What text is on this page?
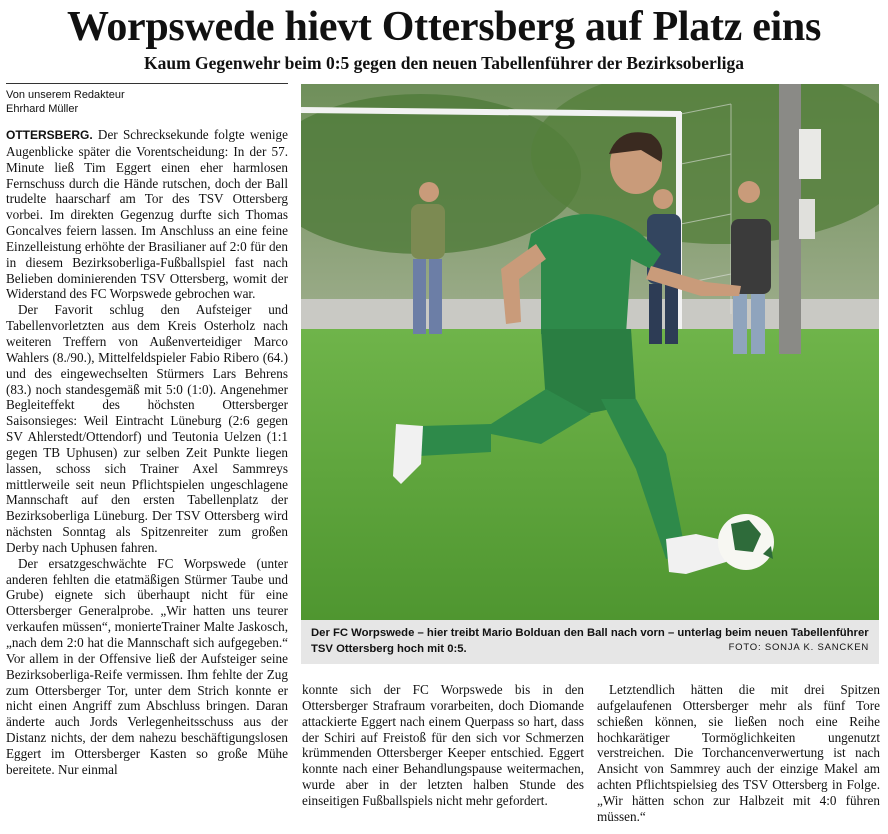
Worpswede hievt Ottersberg auf Platz eins
Kaum Gegenwehr beim 0:5 gegen den neuen Tabellenführer der Bezirksoberliga
Von unserem Redakteur
Ehrhard Müller

OTTERSBERG. Der Schrecksekunde folgte wenige Augenblicke später die Vorentscheidung: In der 57. Minute ließ Tim Eggert einen eher harmlosen Fernschuss durch die Hände rutschen, doch der Ball trudelte haarscharf am Tor des TSV Ottersberg vorbei. Im direkten Gegenzug durfte sich Thomas Goncalves feiern lassen. Im Anschluss an eine feine Einzelleistung erhöhte der Brasilianer auf 2:0 für den in diesem Bezirksoberliga-Fußballspiel fast nach Belieben dominierenden TSV Ottersberg, womit der Widerstand des FC Worpswede gebrochen war.

Der Favorit schlug den Aufsteiger und Tabellenvorletzten aus dem Kreis Osterholz nach weiteren Treffern von Außenverteidiger Marco Wahlers (8./90.), Mittelfeldspieler Fabio Ribero (64.) und des eingewechselten Stürmers Lars Behrens (83.) noch standesgemäß mit 5:0 (1:0). Angenehmer Begleiteffekt des höchsten Ottersberger Saisonsieges: Weil Eintracht Lüneburg (2:6 gegen SV Ahlerstedt/Ottendorf) und Teutonia Uelzen (1:1 gegen TB Uphusen) zur selben Zeit Punkte liegen lassen, schoss sich Trainer Axel Sammreys mittlerweile seit neun Pflichtspielen ungeschlagene Mannschaft auf den ersten Tabellenplatz der Bezirksoberliga Lüneburg. Der TSV Ottersberg wird nächsten Sonntag als Spitzenreiter zum großen Derby nach Uphusen fahren.

Der ersatzgeschwächte FC Worpswede (unter anderen fehlten die etatmäßigen Stürmer Taube und Grube) eignete sich überhaupt nicht für eine Ottersberger Generalprobe. „Wir hatten uns teurer verkaufen müssen“, monierteTrainer Malte Jaskosch, „nach dem 2:0 hat die Mannschaft sich aufgegeben.“ Vor allem in der Offensive ließ der Aufsteiger seine Bezirksoberliga-Reife vermissen. Ihm fehlte der Zug zum Ottersberger Tor, unter dem Strich konnte er nicht einen Angriff zum Abschluss bringen. Daran änderte auch Jords Verlegenheitsschuss aus der Distanz nichts, der dem nahezu beschäftigungslosen Eggert im Ottersberger Kasten so große Mühe bereitete. Nur einmal

Der FC Worpswede – hier treibt Mario Bolduan den Ball nach vorn – unterlag beim neuen Tabellenführer TSV Ottersberg hoch mit 0:5.	FOTO: SONJA K. SANCKEN

konnte sich der FC Worpswede bis in den Ottersberger Strafraum vorarbeiten, doch Diomande attackierte Eggert nach einem Querpass so hart, dass der Schiri auf Freistoß für den sich vor Schmerzen krümmenden Ottersberger Keeper entschied. Eggert konnte nach einer Behandlungspause weitermachen, wurde aber in der letzten halben Stunde des einseitigen Fußballspiels nicht mehr gefordert.

Letztendlich hätten die mit drei Spitzen aufgelaufenen Ottersberger mehr als fünf Tore schießen können, sie ließen noch eine Reihe hochkarätiger Tormöglichkeiten ungenutzt verstreichen. Die Torchancenverwertung ist nach Ansicht von Sammrey auch der einzige Makel am achten Pflichtspielsieg des TSV Ottersberg in Folge. „Wir hätten schon zur Halbzeit mit 4:0 führen müssen.“
